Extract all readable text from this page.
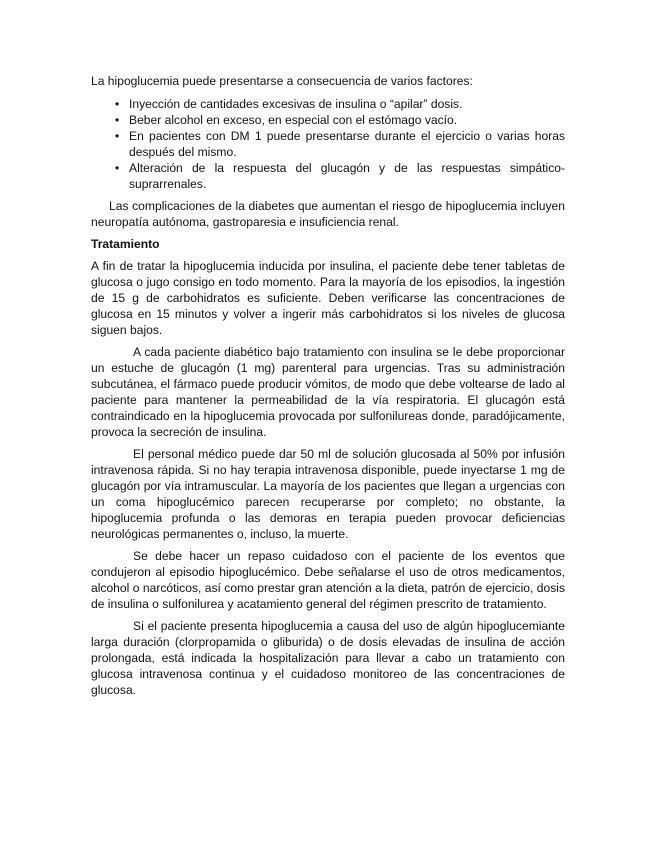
La hipoglucemia puede presentarse a consecuencia de varios factores:

• Inyección de cantidades excesivas de insulina o “apilar” dosis.
• Beber alcohol en exceso, en especial con el estómago vacío.
• En pacientes con DM 1 puede presentarse durante el ejercicio o varias horas después del mismo.
• Alteración de la respuesta del glucagón y de las respuestas simpático-suprarrenales.

Las complicaciones de la diabetes que aumentan el riesgo de hipoglucemia incluyen neuropatía autónoma, gastroparesia e insuficiencia renal.

Tratamiento

A fin de tratar la hipoglucemia inducida por insulina, el paciente debe tener tabletas de glucosa o jugo consigo en todo momento. Para la mayoría de los episodios, la ingestión de 15 g de carbohidratos es suficiente. Deben verificarse las concentraciones de glucosa en 15 minutos y volver a ingerir más carbohidratos si los niveles de glucosa siguen bajos.

A cada paciente diabético bajo tratamiento con insulina se le debe proporcionar un estuche de glucagón (1 mg) parenteral para urgencias. Tras su administración subcutánea, el fármaco puede producir vómitos, de modo que debe voltearse de lado al paciente para mantener la permeabilidad de la vía respiratoria. El glucagón está contraindicado en la hipoglucemia provocada por sulfonilureas donde, paradójicamente, provoca la secreción de insulina.

El personal médico puede dar 50 ml de solución glucosada al 50% por infusión intravenosa rápida. Si no hay terapia intravenosa disponible, puede inyectarse 1 mg de glucagón por vía intramuscular. La mayoría de los pacientes que llegan a urgencias con un coma hipoglucémico parecen recuperarse por completo; no obstante, la hipoglucemia profunda o las demoras en terapia pueden provocar deficiencias neurológicas permanentes o, incluso, la muerte.

Se debe hacer un repaso cuidadoso con el paciente de los eventos que condujeron al episodio hipoglucémico. Debe señalarse el uso de otros medicamentos, alcohol o narcóticos, así como prestar gran atención a la dieta, patrón de ejercicio, dosis de insulina o sulfonilurea y acatamiento general del régimen prescrito de tratamiento.

Si el paciente presenta hipoglucemia a causa del uso de algún hipoglucemiante larga duración (clorpropamida o gliburida) o de dosis elevadas de insulina de acción prolongada, está indicada la hospitalización para llevar a cabo un tratamiento con glucosa intravenosa continua y el cuidadoso monitoreo de las concentraciones de glucosa.
